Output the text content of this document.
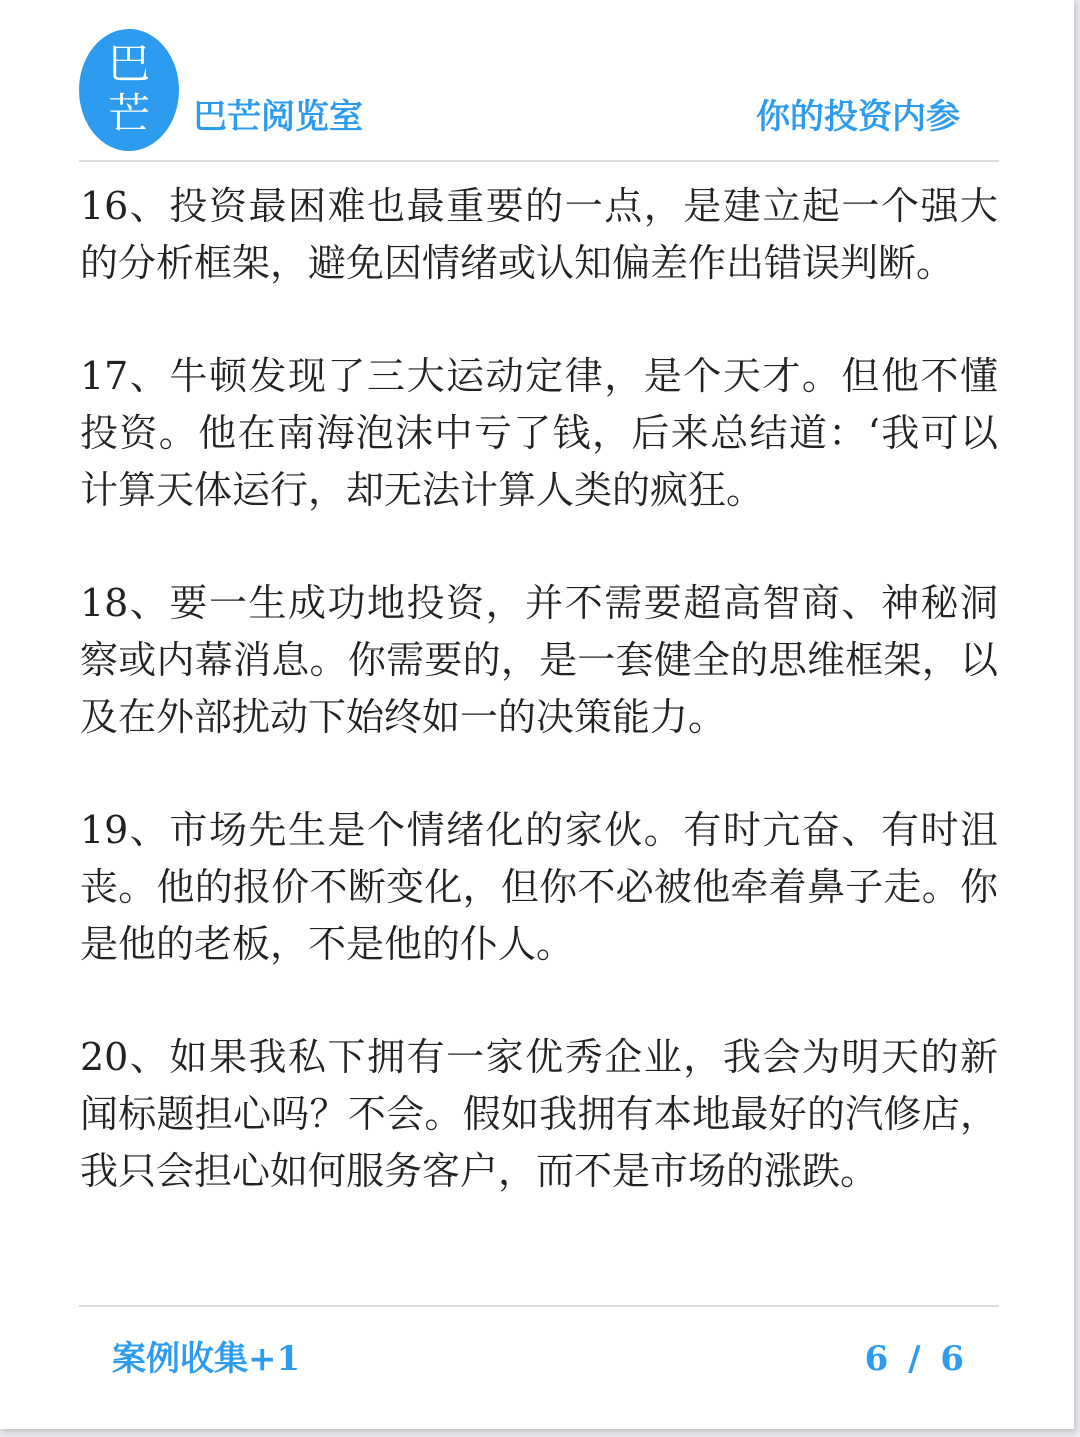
巴
芒	巴芒阅览室	你的投资内参

16、投资最困难也最重要的一点，是建立起一个强大的分析框架，避免因情绪或认知偏差作出错误判断。

17、牛顿发现了三大运动定律，是个天才。但他不懂投资。他在南海泡沫中亏了钱，后来总结道：‘我可以计算天体运行，却无法计算人类的疯狂。

18、要一生成功地投资，并不需要超高智商、神秘洞察或内幕消息。你需要的，是一套健全的思维框架，以及在外部扰动下始终如一的决策能力。

19、市场先生是个情绪化的家伙。有时亢奋、有时沮丧。他的报价不断变化，但你不必被他牵着鼻子走。你是他的老板，不是他的仆人。

20、如果我私下拥有一家优秀企业，我会为明天的新闻标题担心吗？不会。假如我拥有本地最好的汽修店，我只会担心如何服务客户，而不是市场的涨跌。

案例收集+1	6 / 6
